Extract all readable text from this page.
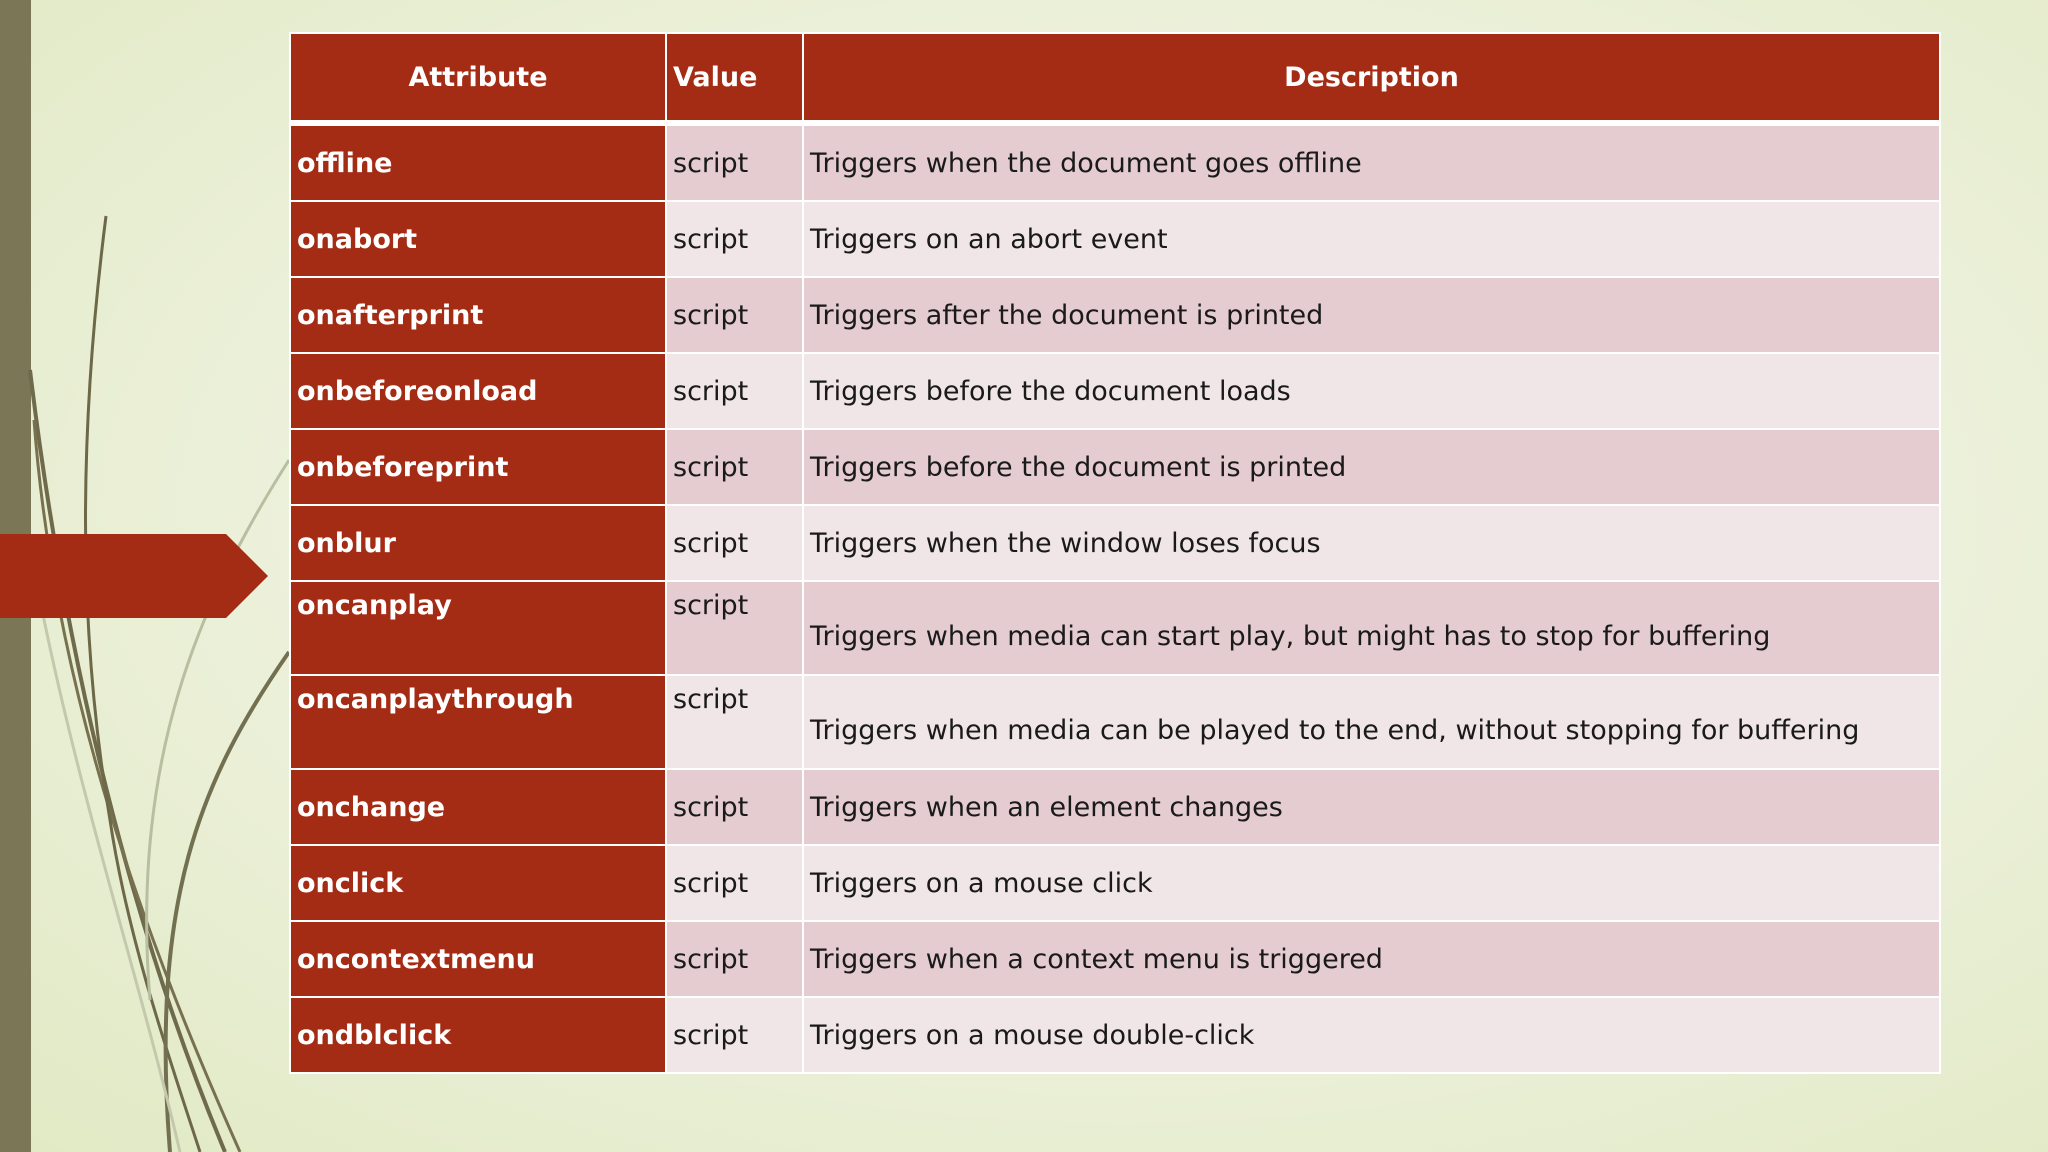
Attribute	Value	Description
offline	script	Triggers when the document goes offline
onabort	script	Triggers on an abort event
onafterprint	script	Triggers after the document is printed
onbeforeonload	script	Triggers before the document loads
onbeforeprint	script	Triggers before the document is printed
onblur	script	Triggers when the window loses focus
oncanplay	script	Triggers when media can start play, but might has to stop for buffering
oncanplaythrough	script	Triggers when media can be played to the end, without stopping for buffering
onchange	script	Triggers when an element changes
onclick	script	Triggers on a mouse click
oncontextmenu	script	Triggers when a context menu is triggered
ondblclick	script	Triggers on a mouse double-click
